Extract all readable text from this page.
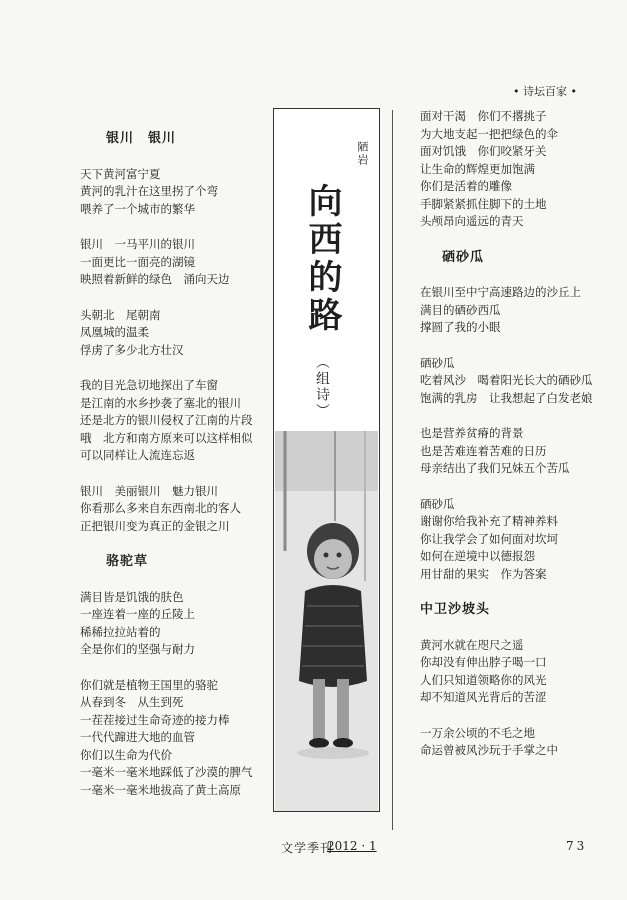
• 诗坛百家 •
银川　银川
天下黄河富宁夏
黄河的乳汁在这里拐了个弯
喂养了一个城市的繁华
银川　一马平川的银川
一面更比一面亮的湖镜
映照着新鲜的绿色　涌向天边
头朝北　尾朝南
凤凰城的温柔
俘虏了多少北方壮汉
我的目光急切地探出了车窗
是江南的水乡抄袭了塞北的银川
还是北方的银川侵权了江南的片段
哦　北方和南方原来可以这样相似
可以同样让人流连忘返
银川　美丽银川　魅力银川
你看那么多来自东西南北的客人
正把银川变为真正的金银之川
骆驼草
满目皆是饥饿的肤色
一座连着一座的丘陵上
稀稀拉拉站着的
全是你们的坚强与耐力
你们就是植物王国里的骆驼
从春到冬　从生到死
一茬茬接过生命奇迹的接力棒
一代代蹿进大地的血管
你们以生命为代价
一毫米一毫米地踩低了沙漠的脾气
一毫米一毫米地拔高了黄土高原
陋岩
向西的路
（组诗）
面对干渴　你们不撂挑子
为大地支起一把把绿色的伞
面对饥饿　你们咬紧牙关
让生命的辉煌更加饱满
你们是活着的雕像
手脚紧紧抓住脚下的土地
头颅昂向遥远的青天
硒砂瓜
在银川至中宁高速路边的沙丘上
满目的硒砂西瓜
撑圆了我的小眼
硒砂瓜
吃着风沙　喝着阳光长大的硒砂瓜
饱满的乳房　让我想起了白发老娘
也是营养贫瘠的背景
也是苦难连着苦难的日历
母亲结出了我们兄妹五个苦瓜
硒砂瓜
谢谢你给我补充了精神养料
你让我学会了如何面对坎坷
如何在逆境中以德报怨
用甘甜的果实　作为答案
中卫沙坡头
黄河水就在咫尺之遥
你却没有伸出脖子喝一口
人们只知道领略你的风光
却不知道风光背后的苦涩
一万余公顷的不毛之地
命运曾被风沙玩于手掌之中
文学季刊
2012 · 1	73
